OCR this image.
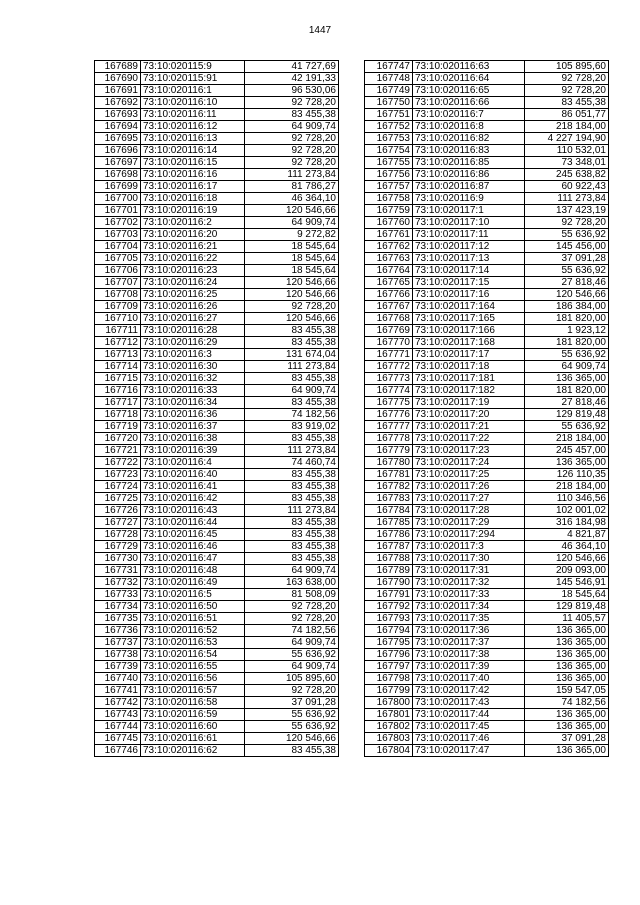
1447
167689	73:10:020115:9	41 727,69
167690	73:10:020115:91	42 191,33
167691	73:10:020116:1	96 530,06
167692	73:10:020116:10	92 728,20
167693	73:10:020116:11	83 455,38
167694	73:10:020116:12	64 909,74
167695	73:10:020116:13	92 728,20
167696	73:10:020116:14	92 728,20
167697	73:10:020116:15	92 728,20
167698	73:10:020116:16	111 273,84
167699	73:10:020116:17	81 786,27
167700	73:10:020116:18	46 364,10
167701	73:10:020116:19	120 546,66
167702	73:10:020116:2	64 909,74
167703	73:10:020116:20	9 272,82
167704	73:10:020116:21	18 545,64
167705	73:10:020116:22	18 545,64
167706	73:10:020116:23	18 545,64
167707	73:10:020116:24	120 546,66
167708	73:10:020116:25	120 546,66
167709	73:10:020116:26	92 728,20
167710	73:10:020116:27	120 546,66
167711	73:10:020116:28	83 455,38
167712	73:10:020116:29	83 455,38
167713	73:10:020116:3	131 674,04
167714	73:10:020116:30	111 273,84
167715	73:10:020116:32	83 455,38
167716	73:10:020116:33	64 909,74
167717	73:10:020116:34	83 455,38
167718	73:10:020116:36	74 182,56
167719	73:10:020116:37	83 919,02
167720	73:10:020116:38	83 455,38
167721	73:10:020116:39	111 273,84
167722	73:10:020116:4	74 460,74
167723	73:10:020116:40	83 455,38
167724	73:10:020116:41	83 455,38
167725	73:10:020116:42	83 455,38
167726	73:10:020116:43	111 273,84
167727	73:10:020116:44	83 455,38
167728	73:10:020116:45	83 455,38
167729	73:10:020116:46	83 455,38
167730	73:10:020116:47	83 455,38
167731	73:10:020116:48	64 909,74
167732	73:10:020116:49	163 638,00
167733	73:10:020116:5	81 508,09
167734	73:10:020116:50	92 728,20
167735	73:10:020116:51	92 728,20
167736	73:10:020116:52	74 182,56
167737	73:10:020116:53	64 909,74
167738	73:10:020116:54	55 636,92
167739	73:10:020116:55	64 909,74
167740	73:10:020116:56	105 895,60
167741	73:10:020116:57	92 728,20
167742	73:10:020116:58	37 091,28
167743	73:10:020116:59	55 636,92
167744	73:10:020116:60	55 636,92
167745	73:10:020116:61	120 546,66
167746	73:10:020116:62	83 455,38
167747	73:10:020116:63	105 895,60
167748	73:10:020116:64	92 728,20
167749	73:10:020116:65	92 728,20
167750	73:10:020116:66	83 455,38
167751	73:10:020116:7	86 051,77
167752	73:10:020116:8	218 184,00
167753	73:10:020116:82	4 227 194,90
167754	73:10:020116:83	110 532,01
167755	73:10:020116:85	73 348,01
167756	73:10:020116:86	245 638,82
167757	73:10:020116:87	60 922,43
167758	73:10:020116:9	111 273,84
167759	73:10:020117:1	137 423,19
167760	73:10:020117:10	92 728,20
167761	73:10:020117:11	55 636,92
167762	73:10:020117:12	145 456,00
167763	73:10:020117:13	37 091,28
167764	73:10:020117:14	55 636,92
167765	73:10:020117:15	27 818,46
167766	73:10:020117:16	120 546,66
167767	73:10:020117:164	186 384,00
167768	73:10:020117:165	181 820,00
167769	73:10:020117:166	1 923,12
167770	73:10:020117:168	181 820,00
167771	73:10:020117:17	55 636,92
167772	73:10:020117:18	64 909,74
167773	73:10:020117:181	136 365,00
167774	73:10:020117:182	181 820,00
167775	73:10:020117:19	27 818,46
167776	73:10:020117:20	129 819,48
167777	73:10:020117:21	55 636,92
167778	73:10:020117:22	218 184,00
167779	73:10:020117:23	245 457,00
167780	73:10:020117:24	136 365,00
167781	73:10:020117:25	126 110,35
167782	73:10:020117:26	218 184,00
167783	73:10:020117:27	110 346,56
167784	73:10:020117:28	102 001,02
167785	73:10:020117:29	316 184,98
167786	73:10:020117:294	4 821,87
167787	73:10:020117:3	46 364,10
167788	73:10:020117:30	120 546,66
167789	73:10:020117:31	209 093,00
167790	73:10:020117:32	145 546,91
167791	73:10:020117:33	18 545,64
167792	73:10:020117:34	129 819,48
167793	73:10:020117:35	11 405,57
167794	73:10:020117:36	136 365,00
167795	73:10:020117:37	136 365,00
167796	73:10:020117:38	136 365,00
167797	73:10:020117:39	136 365,00
167798	73:10:020117:40	136 365,00
167799	73:10:020117:42	159 547,05
167800	73:10:020117:43	74 182,56
167801	73:10:020117:44	136 365,00
167802	73:10:020117:45	136 365,00
167803	73:10:020117:46	37 091,28
167804	73:10:020117:47	136 365,00
